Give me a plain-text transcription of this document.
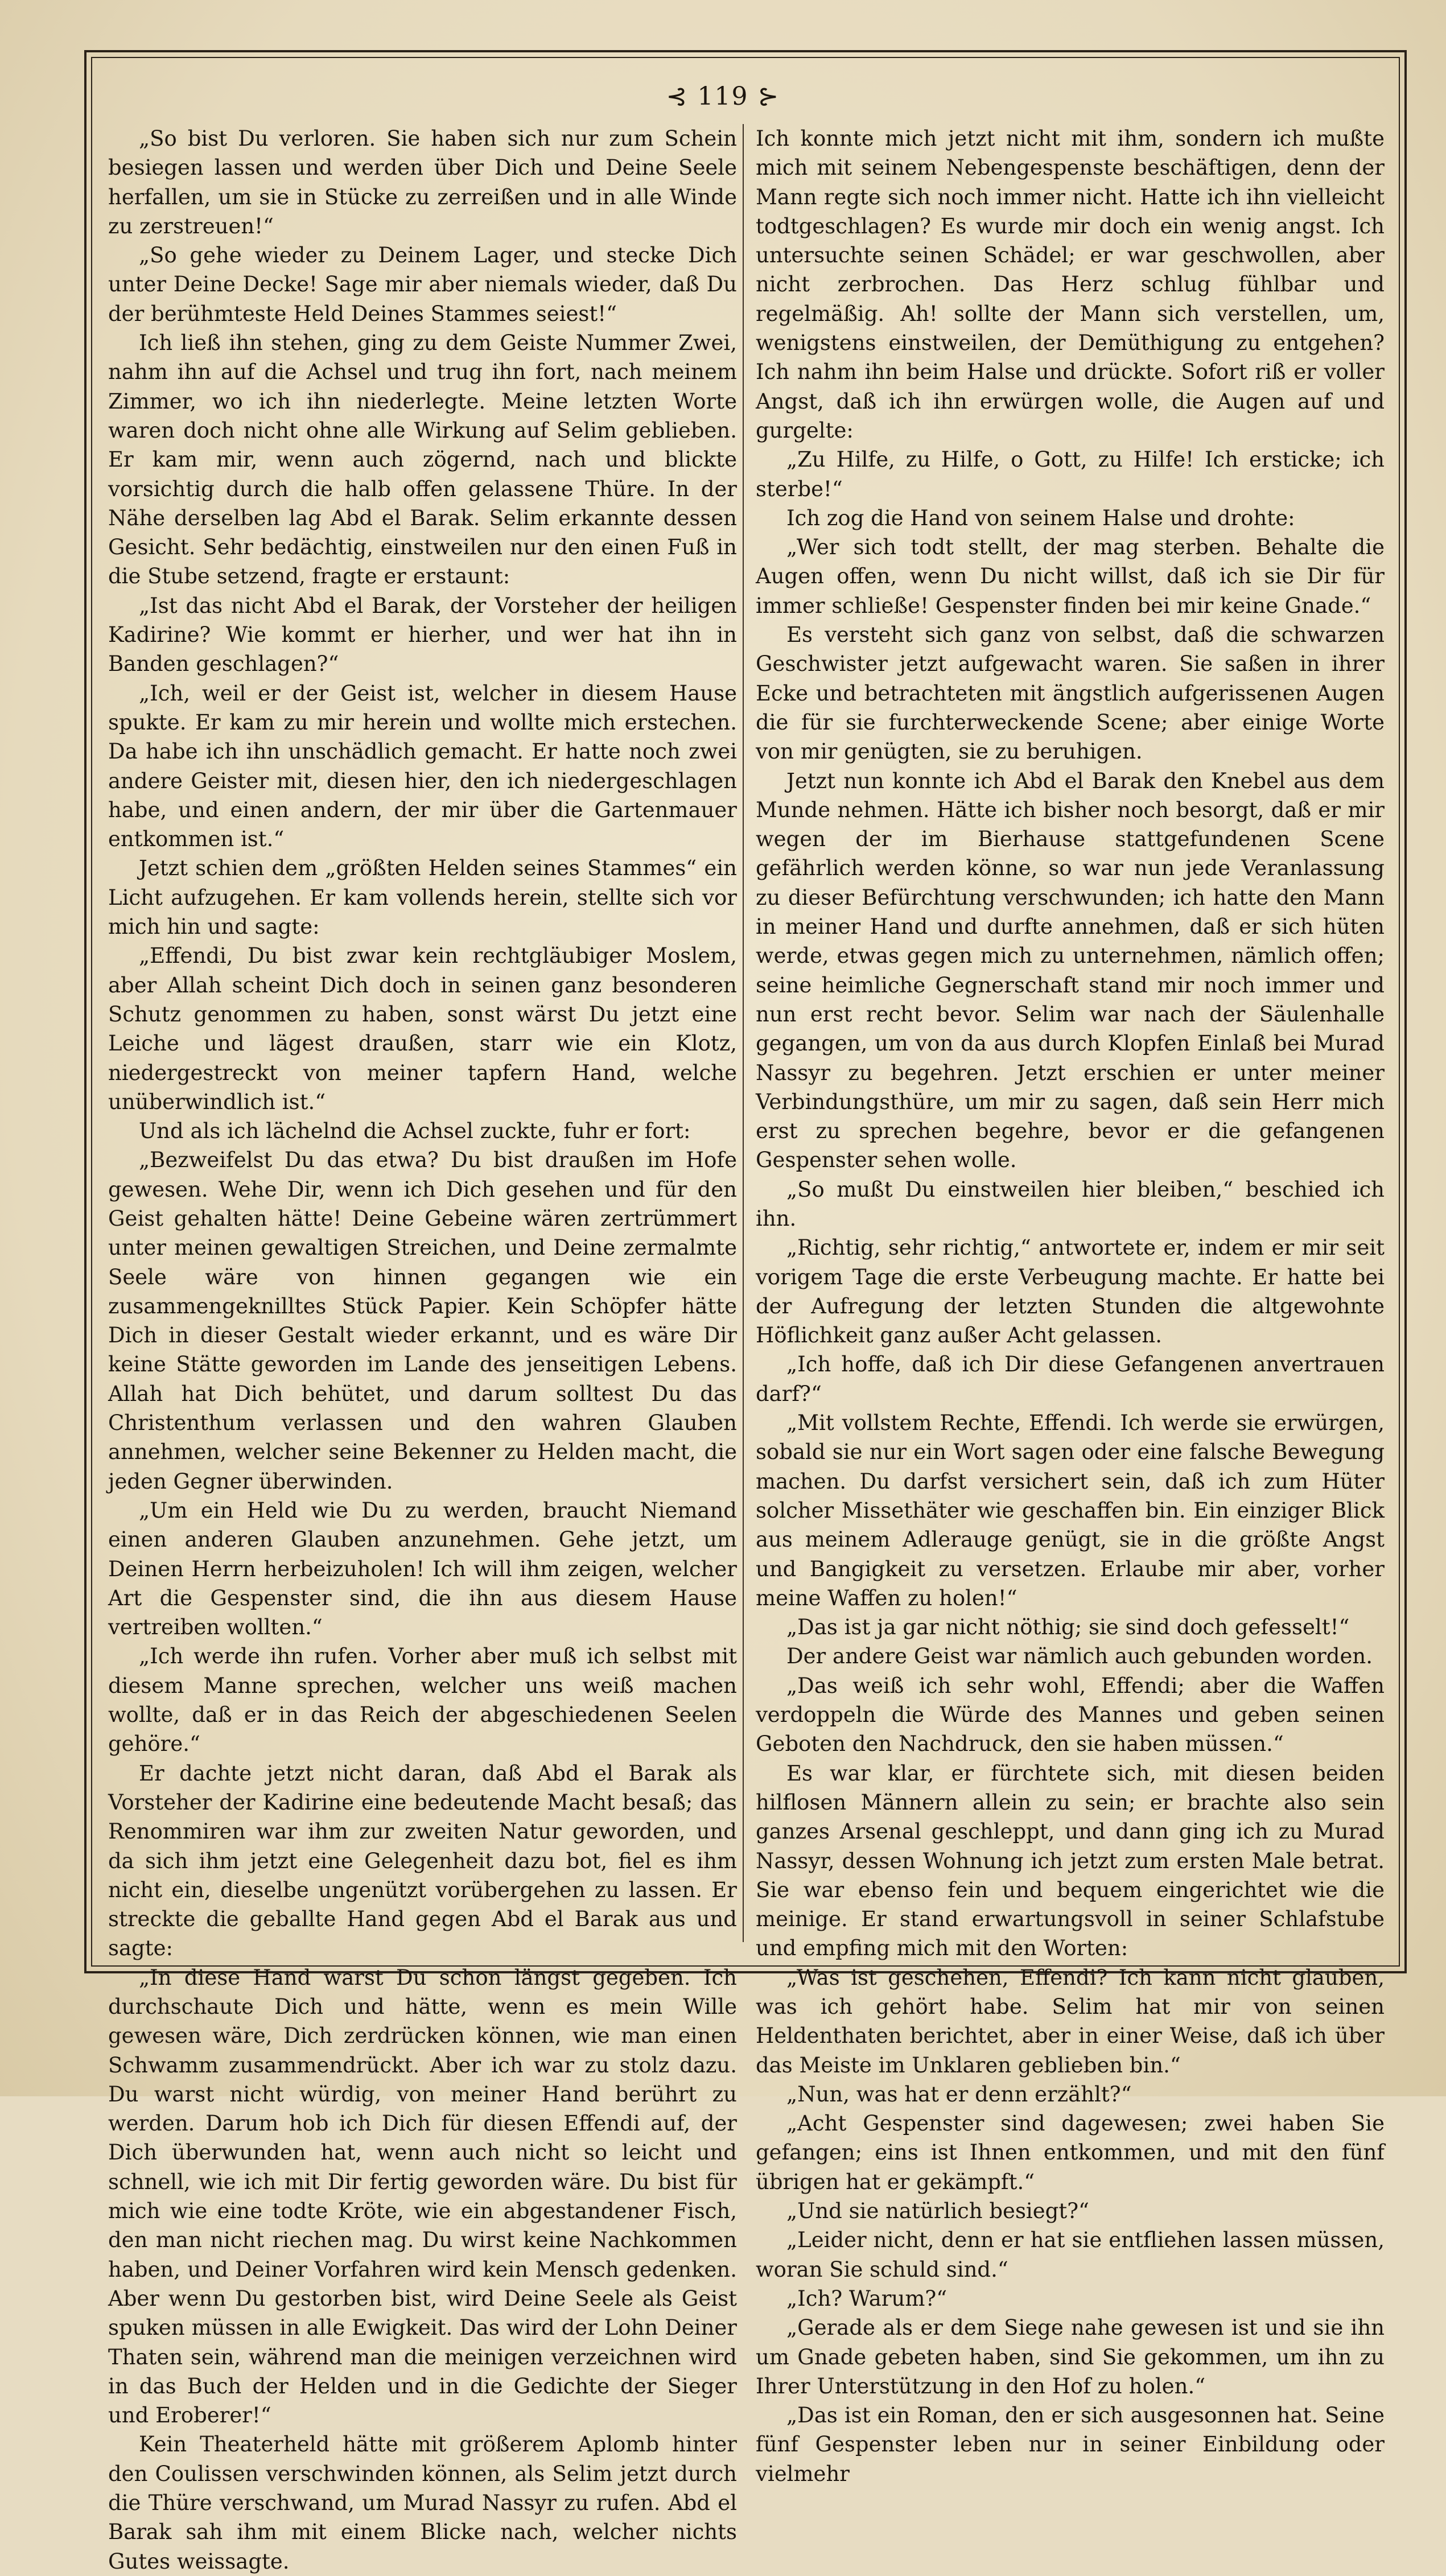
⊰ 119 ⊱

„So bist Du verloren. Sie haben sich nur zum Schein besiegen lassen und werden über Dich und Deine Seele herfallen, um sie in Stücke zu zerreißen und in alle Winde zu zerstreuen!“

„So gehe wieder zu Deinem Lager, und stecke Dich unter Deine Decke! Sage mir aber niemals wieder, daß Du der berühmteste Held Deines Stammes seiest!“

Ich ließ ihn stehen, ging zu dem Geiste Nummer Zwei, nahm ihn auf die Achsel und trug ihn fort, nach meinem Zimmer, wo ich ihn niederlegte. Meine letzten Worte waren doch nicht ohne alle Wirkung auf Selim geblieben. Er kam mir, wenn auch zögernd, nach und blickte vorsichtig durch die halb offen gelassene Thüre. In der Nähe derselben lag Abd el Barak. Selim erkannte dessen Gesicht. Sehr bedächtig, einstweilen nur den einen Fuß in die Stube setzend, fragte er erstaunt:

„Ist das nicht Abd el Barak, der Vorsteher der heiligen Kadirine? Wie kommt er hierher, und wer hat ihn in Banden geschlagen?“

„Ich, weil er der Geist ist, welcher in diesem Hause spukte. Er kam zu mir herein und wollte mich erstechen. Da habe ich ihn unschädlich gemacht. Er hatte noch zwei andere Geister mit, diesen hier, den ich niedergeschlagen habe, und einen andern, der mir über die Gartenmauer entkommen ist.“

Jetzt schien dem „größten Helden seines Stammes“ ein Licht aufzugehen. Er kam vollends herein, stellte sich vor mich hin und sagte:

„Effendi, Du bist zwar kein rechtgläubiger Moslem, aber Allah scheint Dich doch in seinen ganz besonderen Schutz genommen zu haben, sonst wärst Du jetzt eine Leiche und lägest draußen, starr wie ein Klotz, niedergestreckt von meiner tapfern Hand, welche unüberwindlich ist.“

Und als ich lächelnd die Achsel zuckte, fuhr er fort:

„Bezweifelst Du das etwa? Du bist draußen im Hofe gewesen. Wehe Dir, wenn ich Dich gesehen und für den Geist gehalten hätte! Deine Gebeine wären zertrümmert unter meinen gewaltigen Streichen, und Deine zermalmte Seele wäre von hinnen gegangen wie ein zusammengeknilltes Stück Papier. Kein Schöpfer hätte Dich in dieser Gestalt wieder erkannt, und es wäre Dir keine Stätte geworden im Lande des jenseitigen Lebens. Allah hat Dich behütet, und darum solltest Du das Christenthum verlassen und den wahren Glauben annehmen, welcher seine Bekenner zu Helden macht, die jeden Gegner überwinden.

„Um ein Held wie Du zu werden, braucht Niemand einen anderen Glauben anzunehmen. Gehe jetzt, um Deinen Herrn herbeizuholen! Ich will ihm zeigen, welcher Art die Gespenster sind, die ihn aus diesem Hause vertreiben wollten.“

„Ich werde ihn rufen. Vorher aber muß ich selbst mit diesem Manne sprechen, welcher uns weiß machen wollte, daß er in das Reich der abgeschiedenen Seelen gehöre.“

Er dachte jetzt nicht daran, daß Abd el Barak als Vorsteher der Kadirine eine bedeutende Macht besaß; das Renommiren war ihm zur zweiten Natur geworden, und da sich ihm jetzt eine Gelegenheit dazu bot, fiel es ihm nicht ein, dieselbe ungenützt vorübergehen zu lassen. Er streckte die geballte Hand gegen Abd el Barak aus und sagte:

„In diese Hand warst Du schon längst gegeben. Ich durchschaute Dich und hätte, wenn es mein Wille gewesen wäre, Dich zerdrücken können, wie man einen Schwamm zusammendrückt. Aber ich war zu stolz dazu. Du warst nicht würdig, von meiner Hand berührt zu werden. Darum hob ich Dich für diesen Effendi auf, der Dich überwunden hat, wenn auch nicht so leicht und schnell, wie ich mit Dir fertig geworden wäre. Du bist für mich wie eine todte Kröte, wie ein abgestandener Fisch, den man nicht riechen mag. Du wirst keine Nachkommen haben, und Deiner Vorfahren wird kein Mensch gedenken. Aber wenn Du gestorben bist, wird Deine Seele als Geist spuken müssen in alle Ewigkeit. Das wird der Lohn Deiner Thaten sein, während man die meinigen verzeichnen wird in das Buch der Helden und in die Gedichte der Sieger und Eroberer!“

Kein Theaterheld hätte mit größerem Aplomb hinter den Coulissen verschwinden können, als Selim jetzt durch die Thüre verschwand, um Murad Nassyr zu rufen. Abd el Barak sah ihm mit einem Blicke nach, welcher nichts Gutes weissagte.

Ich konnte mich jetzt nicht mit ihm, sondern ich mußte mich mit seinem Nebengespenste beschäftigen, denn der Mann regte sich noch immer nicht. Hatte ich ihn vielleicht todtgeschlagen? Es wurde mir doch ein wenig angst. Ich untersuchte seinen Schädel; er war geschwollen, aber nicht zerbrochen. Das Herz schlug fühlbar und regelmäßig. Ah! sollte der Mann sich verstellen, um, wenigstens einstweilen, der Demüthigung zu entgehen? Ich nahm ihn beim Halse und drückte. Sofort riß er voller Angst, daß ich ihn erwürgen wolle, die Augen auf und gurgelte:

„Zu Hilfe, zu Hilfe, o Gott, zu Hilfe! Ich ersticke; ich sterbe!“

Ich zog die Hand von seinem Halse und drohte:

„Wer sich todt stellt, der mag sterben. Behalte die Augen offen, wenn Du nicht willst, daß ich sie Dir für immer schließe! Gespenster finden bei mir keine Gnade.“

Es versteht sich ganz von selbst, daß die schwarzen Geschwister jetzt aufgewacht waren. Sie saßen in ihrer Ecke und betrachteten mit ängstlich aufgerissenen Augen die für sie furchterweckende Scene; aber einige Worte von mir genügten, sie zu beruhigen.

Jetzt nun konnte ich Abd el Barak den Knebel aus dem Munde nehmen. Hätte ich bisher noch besorgt, daß er mir wegen der im Bierhause stattgefundenen Scene gefährlich werden könne, so war nun jede Veranlassung zu dieser Befürchtung verschwunden; ich hatte den Mann in meiner Hand und durfte annehmen, daß er sich hüten werde, etwas gegen mich zu unternehmen, nämlich offen; seine heimliche Gegnerschaft stand mir noch immer und nun erst recht bevor. Selim war nach der Säulenhalle gegangen, um von da aus durch Klopfen Einlaß bei Murad Nassyr zu begehren. Jetzt erschien er unter meiner Verbindungsthüre, um mir zu sagen, daß sein Herr mich erst zu sprechen begehre, bevor er die gefangenen Gespenster sehen wolle.

„So mußt Du einstweilen hier bleiben,“ beschied ich ihn.

„Richtig, sehr richtig,“ antwortete er, indem er mir seit vorigem Tage die erste Verbeugung machte. Er hatte bei der Aufregung der letzten Stunden die altgewohnte Höflichkeit ganz außer Acht gelassen.

„Ich hoffe, daß ich Dir diese Gefangenen anvertrauen darf?“

„Mit vollstem Rechte, Effendi. Ich werde sie erwürgen, sobald sie nur ein Wort sagen oder eine falsche Bewegung machen. Du darfst versichert sein, daß ich zum Hüter solcher Missethäter wie geschaffen bin. Ein einziger Blick aus meinem Adlerauge genügt, sie in die größte Angst und Bangigkeit zu versetzen. Erlaube mir aber, vorher meine Waffen zu holen!“

„Das ist ja gar nicht nöthig; sie sind doch gefesselt!“

Der andere Geist war nämlich auch gebunden worden.

„Das weiß ich sehr wohl, Effendi; aber die Waffen verdoppeln die Würde des Mannes und geben seinen Geboten den Nachdruck, den sie haben müssen.“

Es war klar, er fürchtete sich, mit diesen beiden hilflosen Männern allein zu sein; er brachte also sein ganzes Arsenal geschleppt, und dann ging ich zu Murad Nassyr, dessen Wohnung ich jetzt zum ersten Male betrat. Sie war ebenso fein und bequem eingerichtet wie die meinige. Er stand erwartungsvoll in seiner Schlafstube und empfing mich mit den Worten:

„Was ist geschehen, Effendi? Ich kann nicht glauben, was ich gehört habe. Selim hat mir von seinen Heldenthaten berichtet, aber in einer Weise, daß ich über das Meiste im Unklaren geblieben bin.“

„Nun, was hat er denn erzählt?“

„Acht Gespenster sind dagewesen; zwei haben Sie gefangen; eins ist Ihnen entkommen, und mit den fünf übrigen hat er gekämpft.“

„Und sie natürlich besiegt?“

„Leider nicht, denn er hat sie entfliehen lassen müssen, woran Sie schuld sind.“

„Ich? Warum?“

„Gerade als er dem Siege nahe gewesen ist und sie ihn um Gnade gebeten haben, sind Sie gekommen, um ihn zu Ihrer Unterstützung in den Hof zu holen.“

„Das ist ein Roman, den er sich ausgesonnen hat. Seine fünf Gespenster leben nur in seiner Einbildung oder vielmehr
